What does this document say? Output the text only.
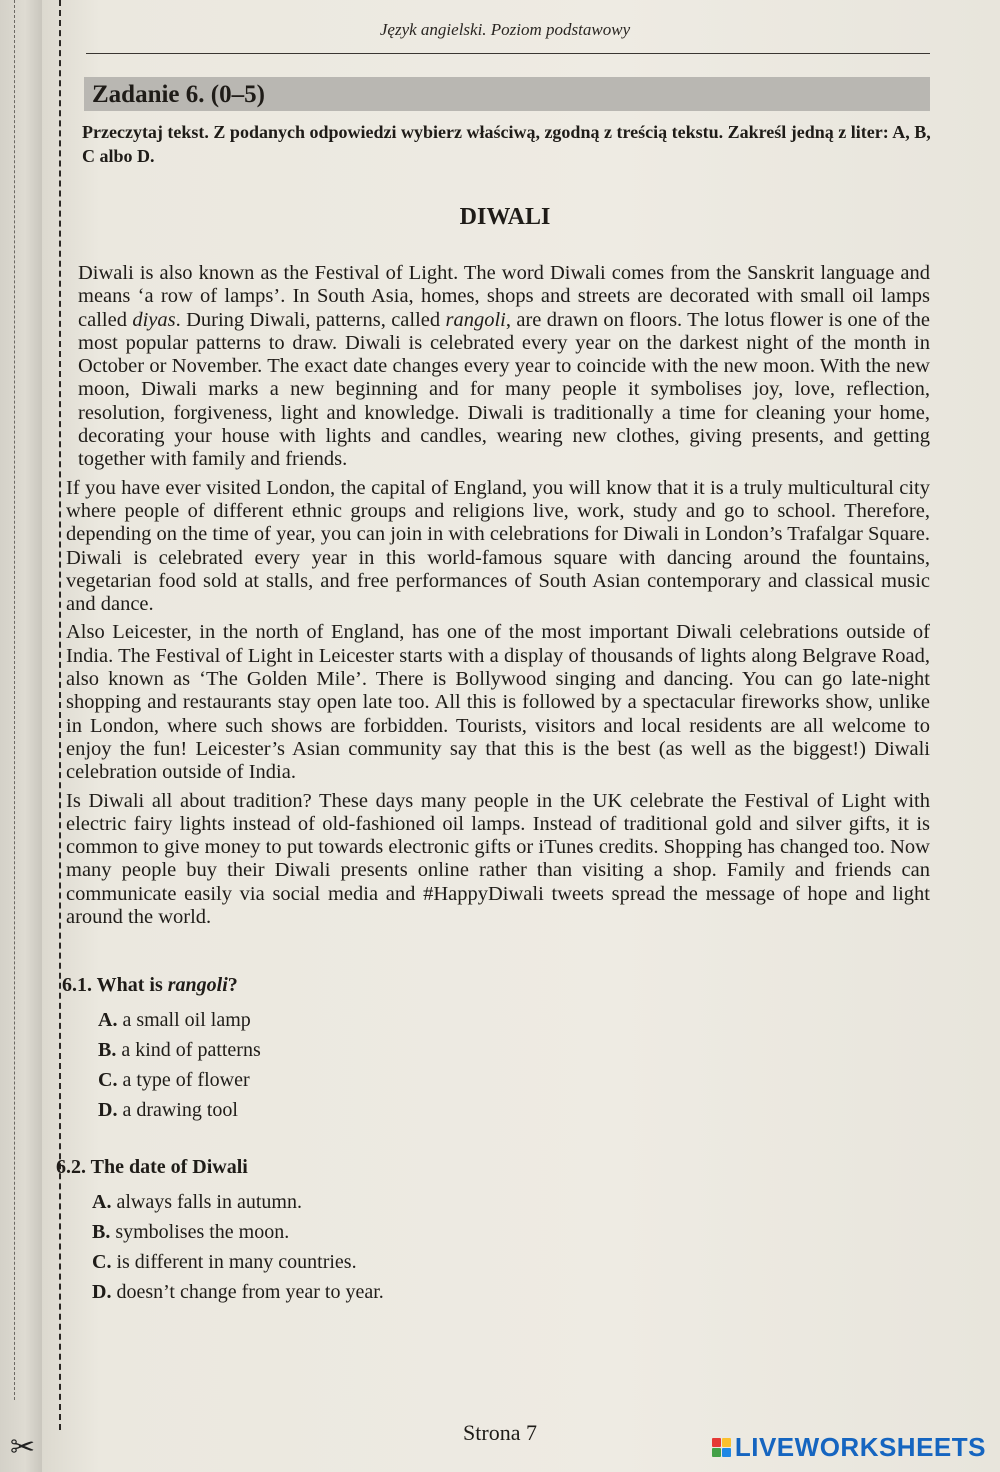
✂
Język angielski. Poziom podstawowy
Zadanie 6. (0–5)
Przeczytaj tekst. Z podanych odpowiedzi wybierz właściwą, zgodną z treścią tekstu. Zakreśl jedną z liter: A, B, C albo D.
DIWALI

Diwali is also known as the Festival of Light. The word Diwali comes from the Sanskrit language and means ‘a row of lamps’. In South Asia, homes, shops and streets are decorated with small oil lamps called diyas. During Diwali, patterns, called rangoli, are drawn on floors. The lotus flower is one of the most popular patterns to draw. Diwali is celebrated every year on the darkest night of the month in October or November. The exact date changes every year to coincide with the new moon. With the new moon, Diwali marks a new beginning and for many people it symbolises joy, love, reflection, resolution, forgiveness, light and knowledge. Diwali is traditionally a time for cleaning your home, decorating your house with lights and candles, wearing new clothes, giving presents, and getting together with family and friends.

If you have ever visited London, the capital of England, you will know that it is a truly multicultural city where people of different ethnic groups and religions live, work, study and go to school. Therefore, depending on the time of year, you can join in with celebrations for Diwali in London’s Trafalgar Square. Diwali is celebrated every year in this world-famous square with dancing around the fountains, vegetarian food sold at stalls, and free performances of South Asian contemporary and classical music and dance.

Also Leicester, in the north of England, has one of the most important Diwali celebrations outside of India. The Festival of Light in Leicester starts with a display of thousands of lights along Belgrave Road, also known as ‘The Golden Mile’. There is Bollywood singing and dancing. You can go late-night shopping and restaurants stay open late too. All this is followed by a spectacular fireworks show, unlike in London, where such shows are forbidden. Tourists, visitors and local residents are all welcome to enjoy the fun! Leicester’s Asian community say that this is the best (as well as the biggest!) Diwali celebration outside of India.

Is Diwali all about tradition? These days many people in the UK celebrate the Festival of Light with electric fairy lights instead of old-fashioned oil lamps. Instead of traditional gold and silver gifts, it is common to give money to put towards electronic gifts or iTunes credits. Shopping has changed too. Now many people buy their Diwali presents online rather than visiting a shop. Family and friends can communicate easily via social media and #HappyDiwali tweets spread the message of hope and light around the world.

6.1. What is rangoli?
A. a small oil lamp
B. a kind of patterns
C. a type of flower
D. a drawing tool
6.2. The date of Diwali
A. always falls in autumn.
B. symbolises the moon.
C. is different in many countries.
D. doesn’t change from year to year.
Strona 7	LIVEWORKSHEETS
